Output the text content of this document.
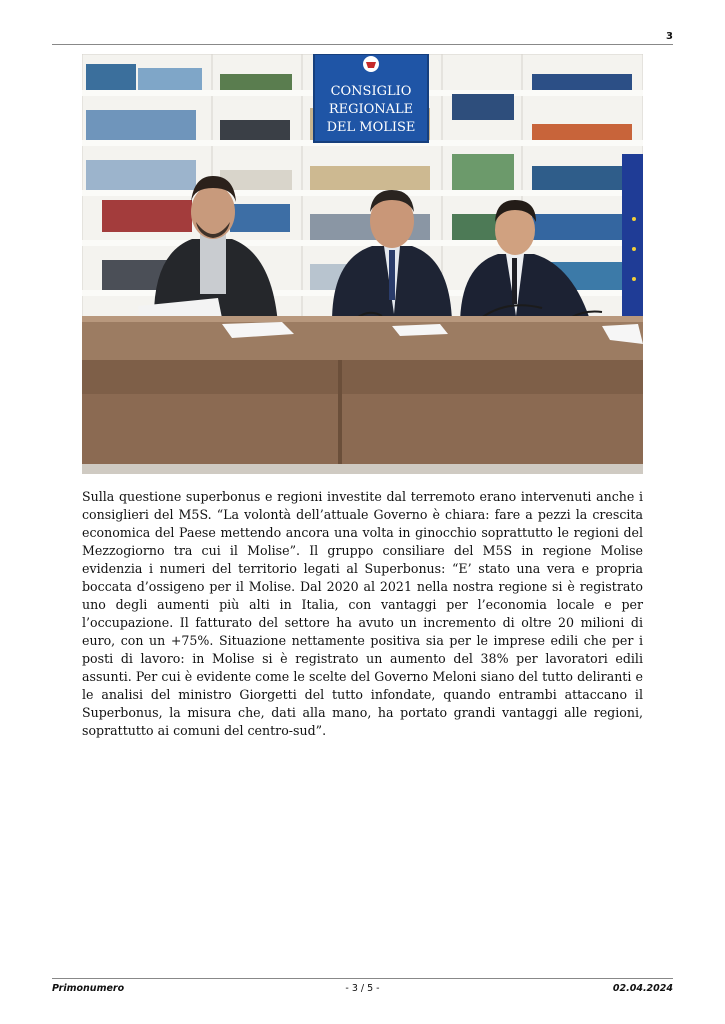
3
CONSIGLIO
REGIONALE
DEL MOLISE

Sulla questione superbonus e regioni investite dal terremoto erano intervenuti anche i consiglieri del M5S. “La volontà dell’attuale Governo è chiara: fare a pezzi la crescita economica del Paese mettendo ancora una volta in ginocchio soprattutto le regioni del Mezzogiorno tra cui il Molise”. Il gruppo consiliare del M5S in regione Molise evidenzia i numeri del territorio legati al Superbonus: “E’ stato una vera e propria boccata d’ossigeno per il Molise. Dal 2020 al 2021 nella nostra regione si è registrato uno degli aumenti più alti in Italia, con vantaggi per l’economia locale e per l’occupazione. Il fatturato del settore ha avuto un incremento di oltre 20 milioni di euro, con un +75%. Situazione nettamente positiva sia per le imprese edili che per i posti di lavoro: in Molise si è registrato un aumento del 38% per lavoratori edili assunti. Per cui è evidente come le scelte del Governo Meloni siano del tutto deliranti e le analisi del ministro Giorgetti del tutto infondate, quando entrambi attaccano il Superbonus, la misura che, dati alla mano, ha portato grandi vantaggi alle regioni, soprattutto ai comuni del centro-sud”.

Primonumero	- 3 / 5 -	02.04.2024
